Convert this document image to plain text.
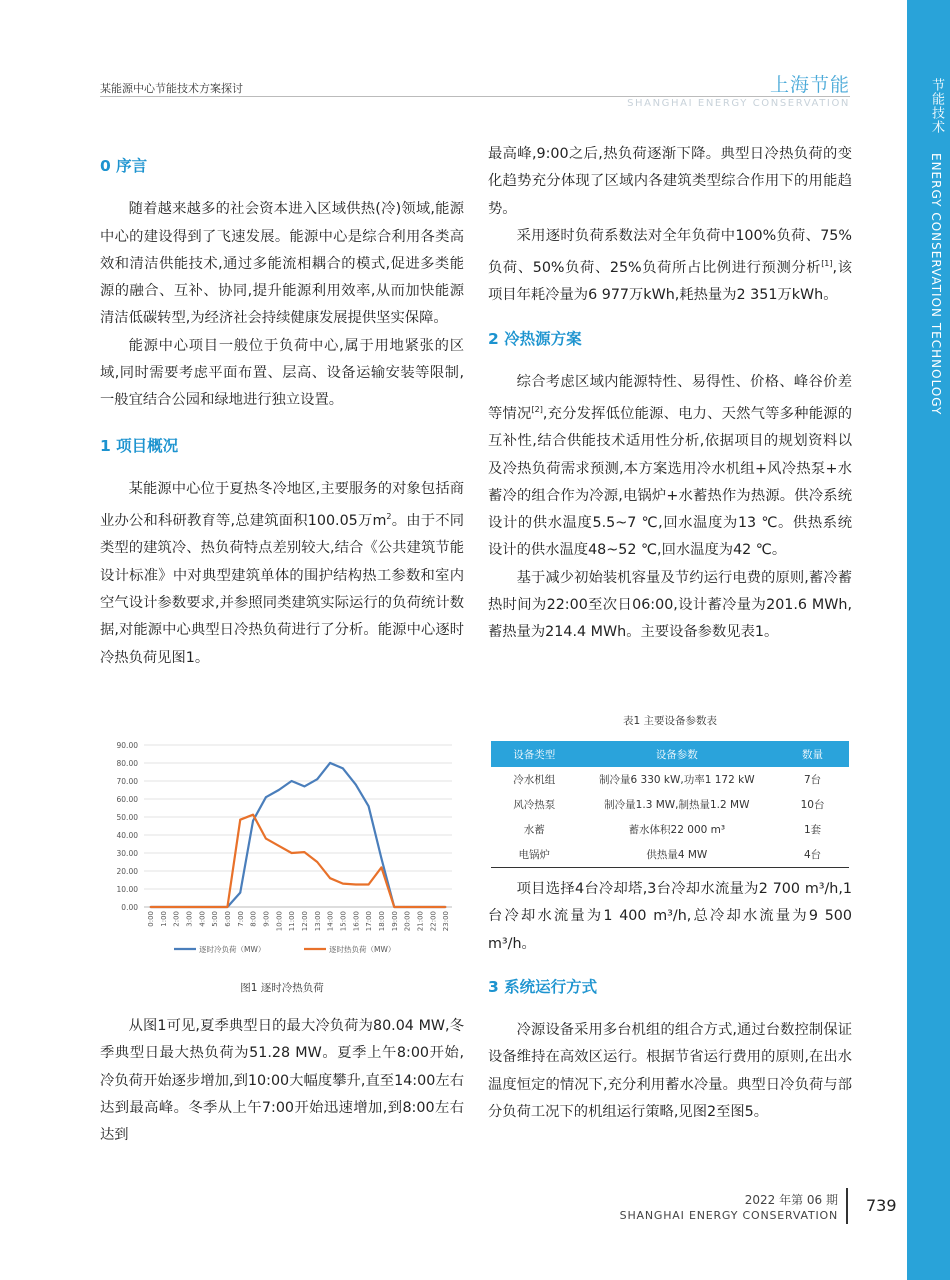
节能技术 ENERGY CONSERVATION TECHNOLOGY
某能源中心节能技术方案探讨	上海节能
SHANGHAI ENERGY CONSERVATION
0 序言

随着越来越多的社会资本进入区域供热(冷)领域,能源中心的建设得到了飞速发展。能源中心是综合利用各类高效和清洁供能技术,通过多能流相耦合的模式,促进多类能源的融合、互补、协同,提升能源利用效率,从而加快能源清洁低碳转型,为经济社会持续健康发展提供坚实保障。

能源中心项目一般位于负荷中心,属于用地紧张的区域,同时需要考虑平面布置、层高、设备运输安装等限制,一般宜结合公园和绿地进行独立设置。

1 项目概况

某能源中心位于夏热冬冷地区,主要服务的对象包括商业办公和科研教育等,总建筑面积100.05万$m^2$。由于不同类型的建筑冷、热负荷特点差别较大,结合《公共建筑节能设计标准》中对典型建筑单体的围护结构热工参数和室内空气设计参数要求,并参照同类建筑实际运行的负荷统计数据,对能源中心典型日冷热负荷进行了分析。能源中心逐时冷热负荷见图1。

0.00
10.00
20.00
30.00
40.00
50.00
60.00
70.00
80.00
90.00
0:00 1:00 2:00 3:00 4:00 5:00 6:00 7:00 8:00 9:00 10:00 11:00 12:00 13:00 14:00 15:00 16:00 17:00 18:00 19:00 20:00 21:00 22:00 23:00
逐时冷负荷（MW）	逐时热负荷（MW）
图1 逐时冷热负荷

从图1可见,夏季典型日的最大冷负荷为80.04 MW,冬季典型日最大热负荷为51.28 MW。夏季上午8:00开始,冷负荷开始逐步增加,到10:00大幅度攀升,直至14:00左右达到最高峰。冬季从上午7:00开始迅速增加,到8:00左右达到

最高峰,9:00之后,热负荷逐渐下降。典型日冷热负荷的变化趋势充分体现了区域内各建筑类型综合作用下的用能趋势。

采用逐时负荷系数法对全年负荷中100%负荷、75%负荷、50%负荷、25%负荷所占比例进行预测分析[1],该项目年耗冷量为6 977万kWh,耗热量为2 351万kWh。

2 冷热源方案

综合考虑区域内能源特性、易得性、价格、峰谷价差等情况[2],充分发挥低位能源、电力、天然气等多种能源的互补性,结合供能技术适用性分析,依据项目的规划资料以及冷热负荷需求预测,本方案选用冷水机组+风冷热泵+水蓄冷的组合作为冷源,电锅炉+水蓄热作为热源。供冷系统设计的供水温度5.5~7 ℃,回水温度为13 ℃。供热系统设计的供水温度48~52 ℃,回水温度为42 ℃。

基于减少初始装机容量及节约运行电费的原则,蓄冷蓄热时间为22:00至次日06:00,设计蓄冷量为201.6 MWh,蓄热量为214.4 MWh。主要设备参数见表1。

表1 主要设备参数表
设备类型	设备参数	数量
冷水机组	制冷量6 330 kW,功率1 172 kW	7台
风冷热泵	制冷量1.3 MW,制热量1.2 MW	10台
水蓄	蓄水体积22 000 m³	1套
电锅炉	供热量4 MW	4台

项目选择4台冷却塔,3台冷却水流量为2 700 m³/h,1台冷却水流量为1 400 m³/h,总冷却水流量为9 500 m³/h。

3 系统运行方式

冷源设备采用多台机组的组合方式,通过台数控制保证设备维持在高效区运行。根据节省运行费用的原则,在出水温度恒定的情况下,充分利用蓄水冷量。典型日冷负荷与部分负荷工况下的机组运行策略,见图2至图5。

2022 年第 06 期
SHANGHAI ENERGY CONSERVATION
739
